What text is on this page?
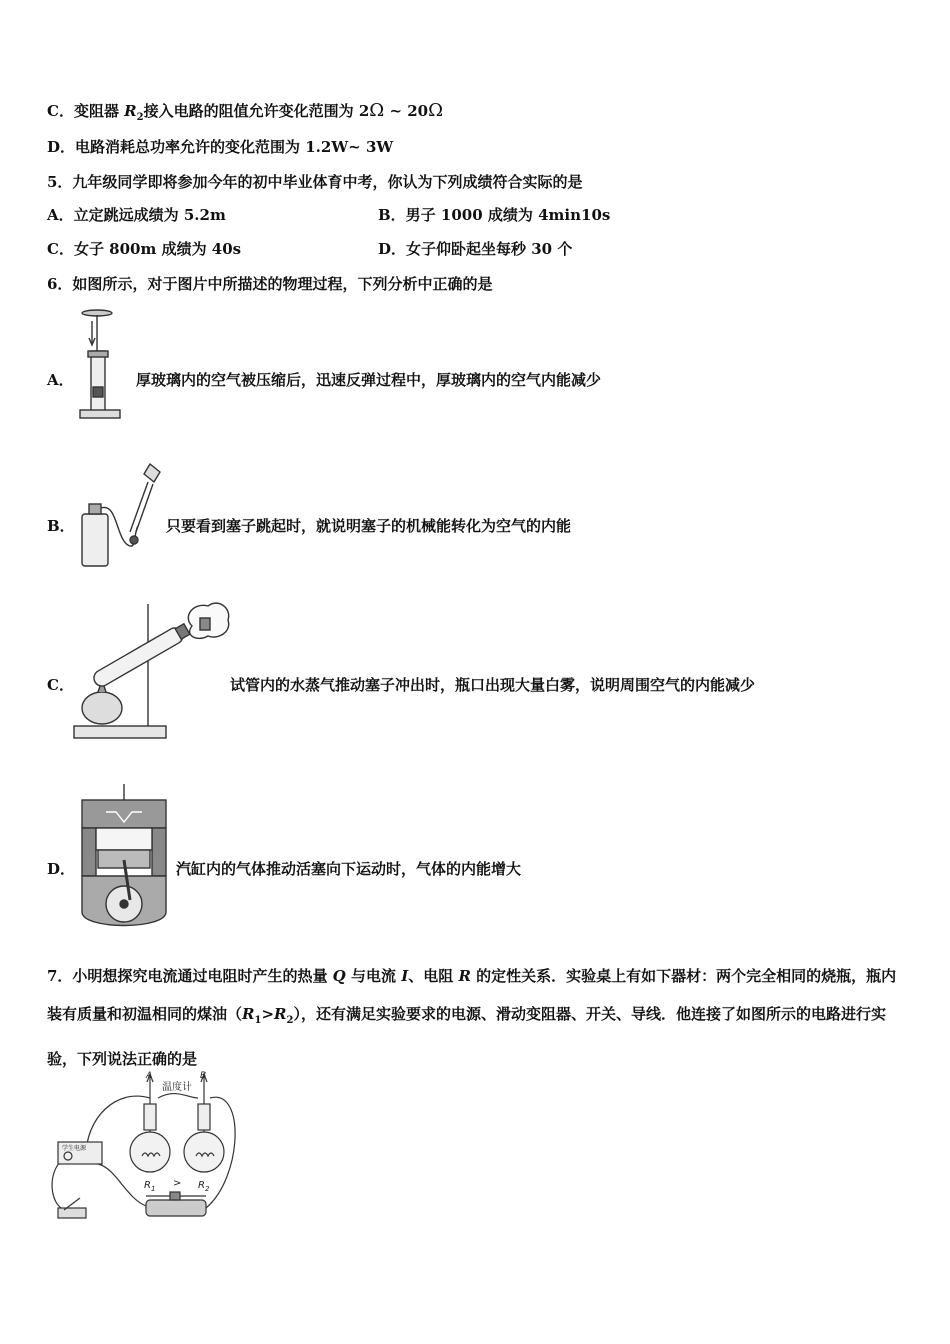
C．变阻器 $R_2$接入电路的阻值允许变化范围为 2Ω ~ 20Ω
D．电路消耗总功率允许的变化范围为 1.2W~ 3W
5．九年级同学即将参加今年的初中毕业体育中考，你认为下列成绩符合实际的是
A．立定跳远成绩为 5.2m	B．男子 1000 成绩为 4min10s
C．女子 800m 成绩为 40s	D．女子仰卧起坐每秒 30 个
6．如图所示，对于图片中所描述的物理过程，下列分析中正确的是
A．	厚玻璃内的空气被压缩后，迅速反弹过程中，厚玻璃内的空气内能减少
B．	只要看到塞子跳起时，就说明塞子的机械能转化为空气的内能
C．	试管内的水蒸气推动塞子冲出时，瓶口出现大量白雾，说明周围空气的内能减少
D．	汽缸内的气体推动活塞向下运动时，气体的内能增大
7．小明想探究电流通过电阻时产生的热量 Q 与电流 I、电阻 R 的定性关系．实验桌上有如下器材：两个完全相同的烧瓶，瓶内装有质量和初温相同的煤油$(R_1>R_2)$，还有满足实验要求的电源、滑动变阻器、开关、导线．他连接了如图所示的电路进行实验，下列说法正确的是
A	B
温度计
学生电源
$R_1 > R_2$
